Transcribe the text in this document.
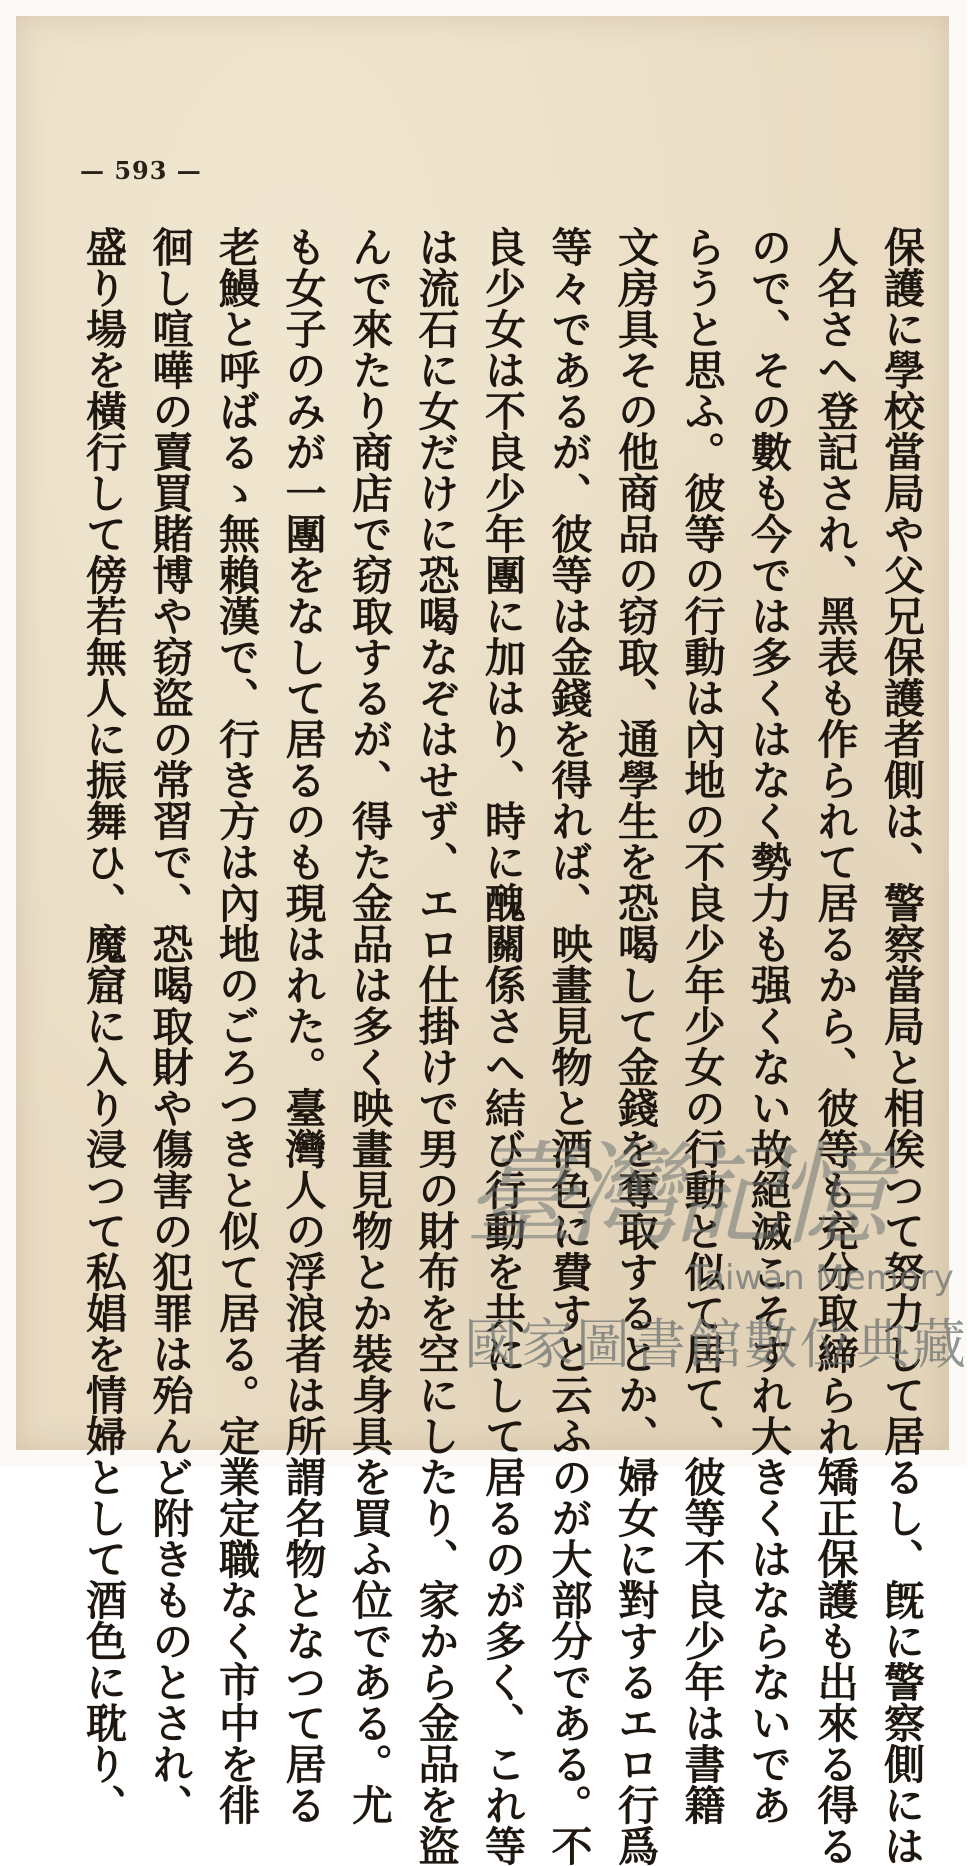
— 593 —
保護に學校當局や父兄保護者側は、警察當局と相俟つて努力して居るし、旣に警察側には
人名さへ登記され、黑表も作られて居るから、彼等も充分取締られ矯正保護も出來る得る
ので、その數も今では多くはなく勢力も强くない故絕滅こそすれ大きくはならないであ
らうと思ふ。彼等の行動は內地の不良少年少女の行動と似て居て、彼等不良少年は書籍
文房具その他商品の窃取、通學生を恐喝して金錢を奪取するとか、婦女に對するエロ行爲
等々であるが、彼等は金錢を得れば、映畫見物と酒色に費すと云ふのが大部分である。不
良少女は不良少年團に加はり、時に醜關係さへ結び行動を共にして居るのが多く、これ等
は流石に女だけに恐喝なぞはせず、エロ仕掛けで男の財布を空にしたり、家から金品を盜
んで來たり商店で窃取するが、得た金品は多く映畫見物とか裝身具を買ふ位である。尤
も女子のみが一團をなして居るのも現はれた。臺灣人の浮浪者は所謂名物となつて居る
老鰻と呼ばるゝ無賴漢で、行き方は內地のごろつきと似て居る。定業定職なく市中を徘
徊し喧嘩の賣買賭博や窃盜の常習で、恐喝取財や傷害の犯罪は殆んど附きものとされ、
盛り場を橫行して傍若無人に振舞ひ、魔窟に入り浸つて私娼を情婦として酒色に耽り、	臺灣記憶
Taiwan Memory
國家圖書館數位典藏
